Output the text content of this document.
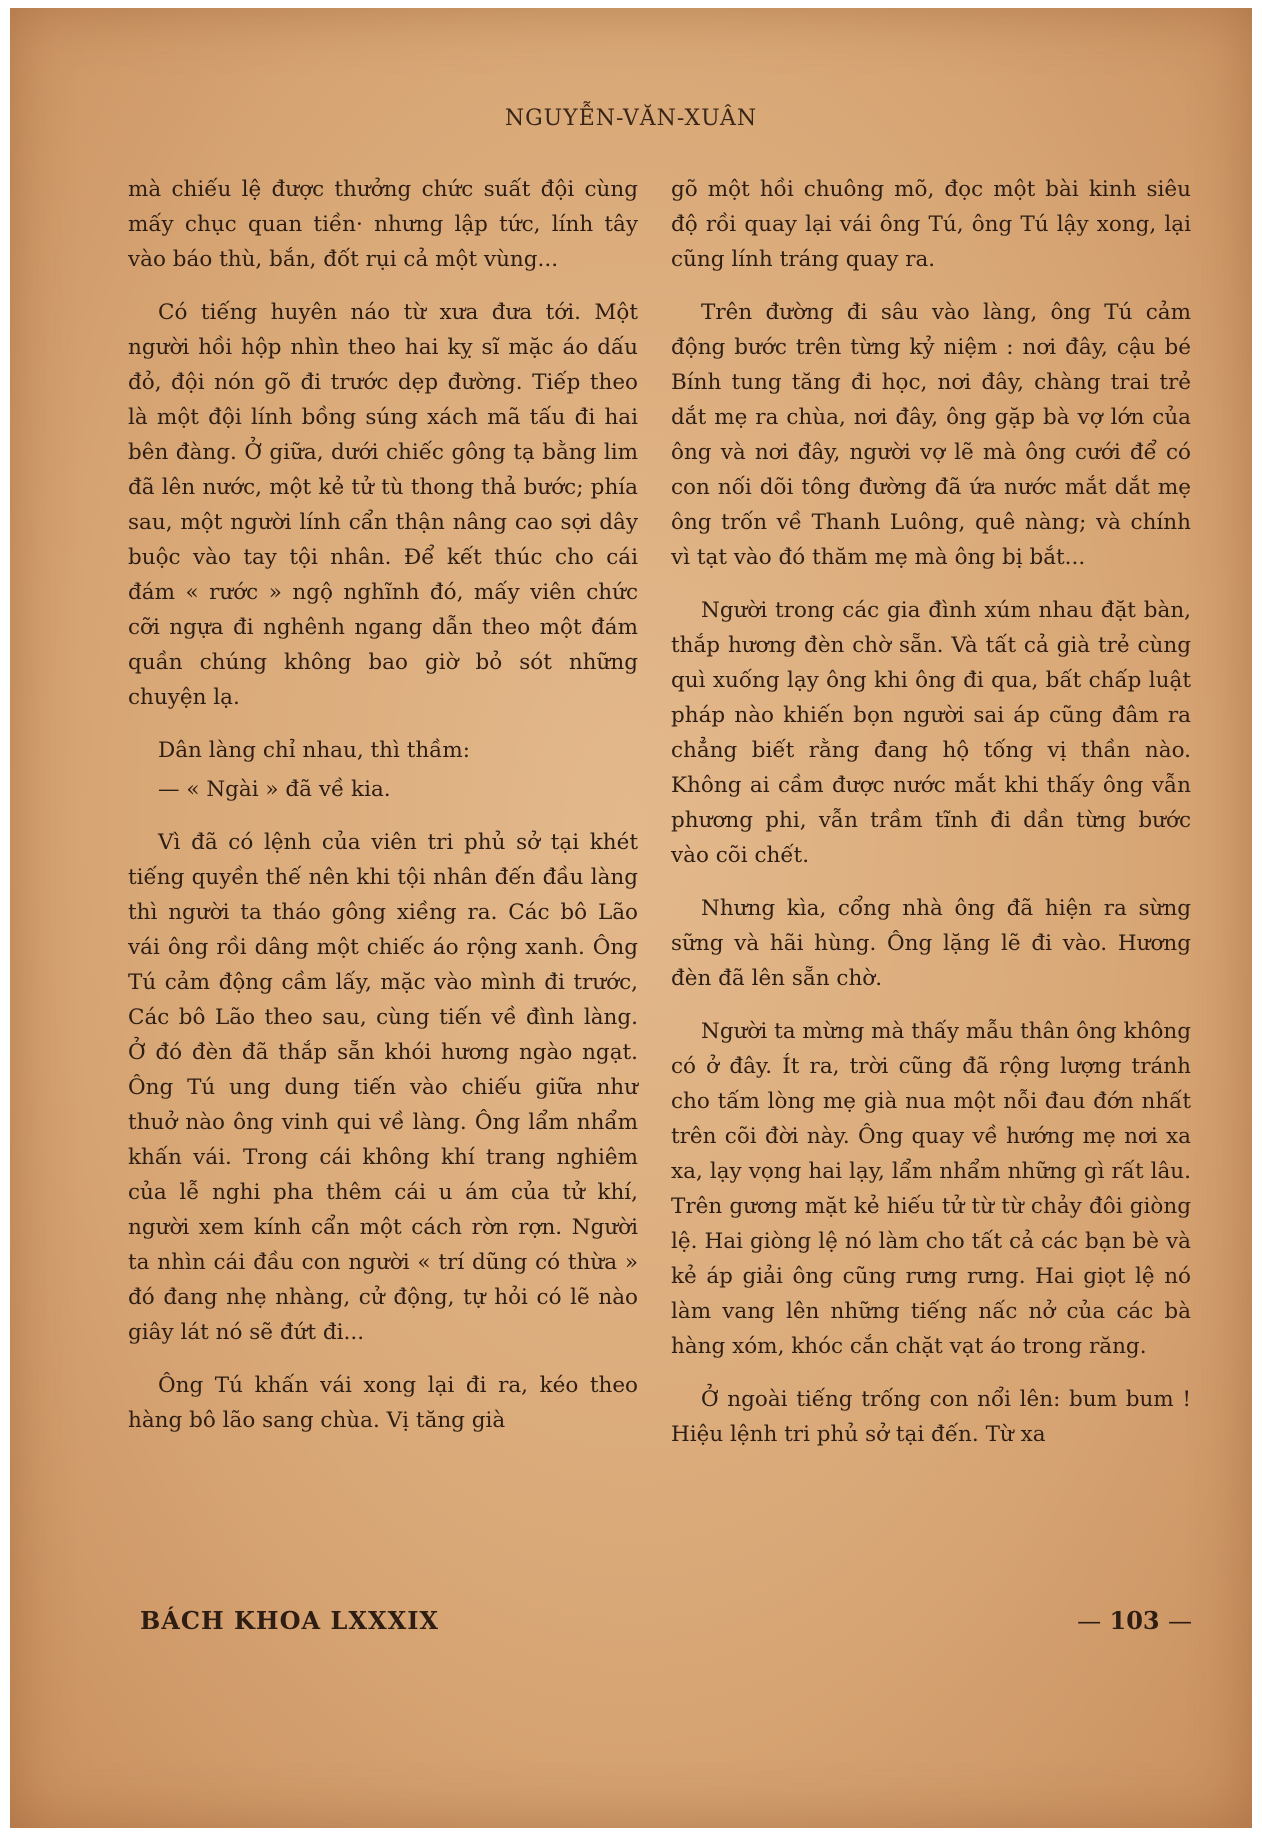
NGUYỄN-VĂN-XUÂN

mà chiếu lệ được thưởng chức suất đội cùng mấy chục quan tiền· nhưng lập tức, lính tây vào báo thù, bắn, đốt rụi cả một vùng...

Có tiếng huyên náo từ xưa đưa tới. Một người hồi hộp nhìn theo hai kỵ sĩ mặc áo dấu đỏ, đội nón gõ đi trước dẹp đường. Tiếp theo là một đội lính bồng súng xách mã tấu đi hai bên đàng. Ở giữa, dưới chiếc gông tạ bằng lim đã lên nước, một kẻ tử tù thong thả bước; phía sau, một người lính cẩn thận nâng cao sợi dây buộc vào tay tội nhân. Để kết thúc cho cái đám « rước » ngộ nghĩnh đó, mấy viên chức cỡi ngựa đi nghênh ngang dẫn theo một đám quần chúng không bao giờ bỏ sót những chuyện lạ.

Dân làng chỉ nhau, thì thầm:

— « Ngài » đã về kia.

Vì đã có lệnh của viên tri phủ sở tại khét tiếng quyền thế nên khi tội nhân đến đầu làng thì người ta tháo gông xiềng ra. Các bô Lão vái ông rồi dâng một chiếc áo rộng xanh. Ông Tú cảm động cầm lấy, mặc vào mình đi trước, Các bô Lão theo sau, cùng tiến về đình làng. Ở đó đèn đã thắp sẵn khói hương ngào ngạt. Ông Tú ung dung tiến vào chiếu giữa như thuở nào ông vinh qui về làng. Ông lẩm nhẩm khấn vái. Trong cái không khí trang nghiêm của lễ nghi pha thêm cái u ám của tử khí, người xem kính cẩn một cách rờn rợn. Người ta nhìn cái đầu con người « trí dũng có thừa » đó đang nhẹ nhàng, cử động, tự hỏi có lẽ nào giây lát nó sẽ đứt đi...

Ông Tú khấn vái xong lại đi ra, kéo theo hàng bô lão sang chùa. Vị tăng già

gõ một hồi chuông mõ, đọc một bài kinh siêu độ rồi quay lại vái ông Tú, ông Tú lậy xong, lại cũng lính tráng quay ra.

Trên đường đi sâu vào làng, ông Tú cảm động bước trên từng kỷ niệm : nơi đây, cậu bé Bính tung tăng đi học, nơi đây, chàng trai trẻ dắt mẹ ra chùa, nơi đây, ông gặp bà vợ lớn của ông và nơi đây, người vợ lẽ mà ông cưới để có con nối dõi tông đường đã ứa nước mắt dắt mẹ ông trốn về Thanh Luông, quê nàng; và chính vì tạt vào đó thăm mẹ mà ông bị bắt...

Người trong các gia đình xúm nhau đặt bàn, thắp hương đèn chờ sẵn. Và tất cả già trẻ cùng quì xuống lạy ông khi ông đi qua, bất chấp luật pháp nào khiến bọn người sai áp cũng đâm ra chẳng biết rằng đang hộ tống vị thần nào. Không ai cầm được nước mắt khi thấy ông vẫn phương phi, vẫn trầm tĩnh đi dần từng bước vào cõi chết.

Nhưng kìa, cổng nhà ông đã hiện ra sừng sững và hãi hùng. Ông lặng lẽ đi vào. Hương đèn đã lên sẵn chờ.

Người ta mừng mà thấy mẫu thân ông không có ở đây. Ít ra, trời cũng đã rộng lượng tránh cho tấm lòng mẹ già nua một nỗi đau đớn nhất trên cõi đời này. Ông quay về hướng mẹ nơi xa xa, lạy vọng hai lạy, lẩm nhẩm những gì rất lâu. Trên gương mặt kẻ hiếu tử từ từ chảy đôi giòng lệ. Hai giòng lệ nó làm cho tất cả các bạn bè và kẻ áp giải ông cũng rưng rưng. Hai giọt lệ nó làm vang lên những tiếng nấc nở của các bà hàng xóm, khóc cắn chặt vạt áo trong răng.

Ở ngoài tiếng trống con nổi lên: bum bum ! Hiệu lệnh tri phủ sở tại đến. Từ xa

BÁCH KHOA LXXXIX	— 103 —
